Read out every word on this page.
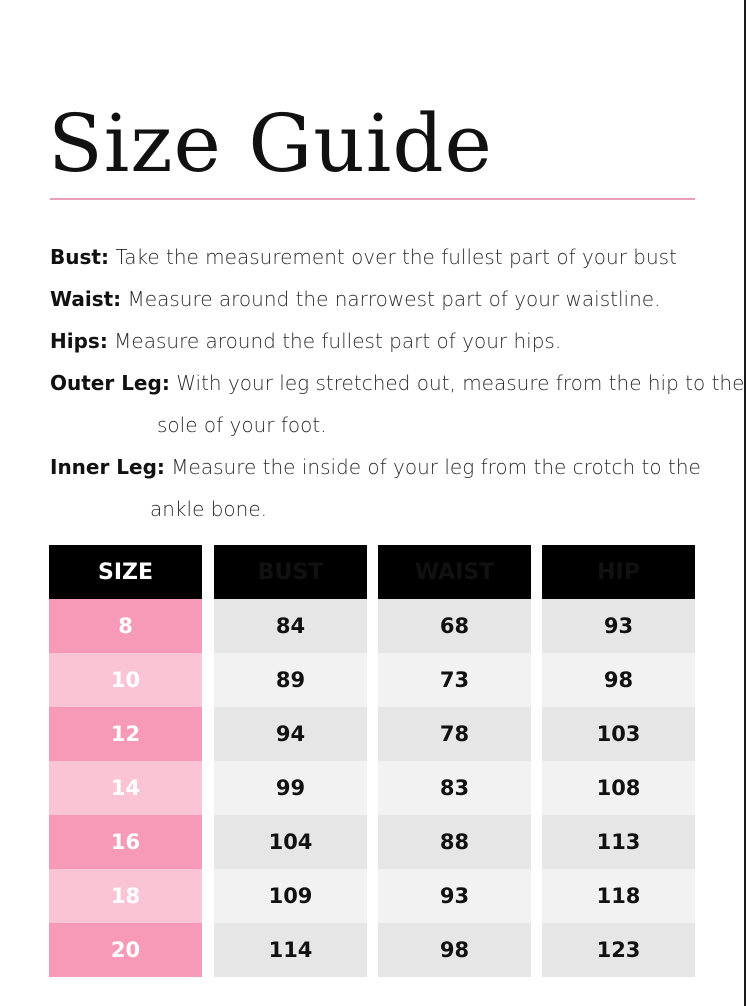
Size Guide

Bust: Take the measurement over the fullest part of your bust

Waist: Measure around the narrowest part of your waistline.

Hips: Measure around the fullest part of your hips.

Outer Leg: With your leg stretched out, measure from the hip to the
sole of your foot.

Inner Leg: Measure the inside of your leg from the crotch to the
ankle bone.

SIZE
8
10
12
14
16
18
20
BUST
84
89
94
99
104
109
114
WAIST
68
73
78
83
88
93
98
HIP
93
98
103
108
113
118
123
